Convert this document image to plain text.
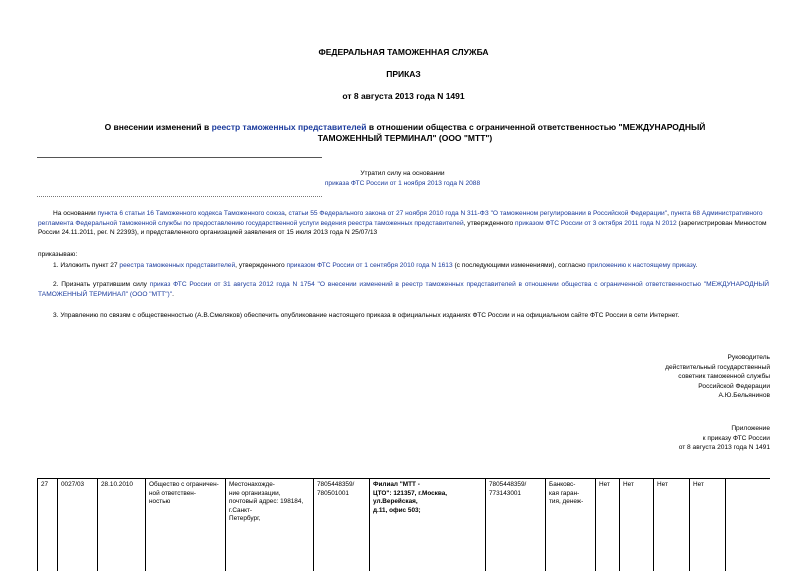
ФЕДЕРАЛЬНАЯ ТАМОЖЕННАЯ СЛУЖБА
ПРИКАЗ
от 8 августа 2013 года N 1491
О внесении изменений в реестр таможенных представителей в отношении общества с ограниченной ответственностью "МЕЖДУНАРОДНЫЙ ТАМОЖЕННЫЙ ТЕРМИНАЛ" (ООО "МТТ")

Утратил силу на основании

приказа ФТС России от 1 ноября 2013 года N 2088

На основании пункта 6 статьи 16 Таможенного кодекса Таможенного союза, статьи 55 Федерального закона от 27 ноября 2010 года N 311-ФЗ "О таможенном регулировании в Российской Федерации", пункта 68 Административного регламента Федеральной таможенной службы по предоставлению государственной услуги ведения реестра таможенных представителей, утвержденного приказом ФТС России от 3 октября 2011 года N 2012 (зарегистрирован Минюстом России 24.11.2011, рег. N 22393), и представленного организацией заявления от 15 июля 2013 года N 25/07/13
приказываю:
1. Изложить пункт 27 реестра таможенных представителей, утвержденного приказом ФТС России от 1 сентября 2010 года N 1613 (с последующими изменениями), согласно приложению к настоящему приказу.
2. Признать утратившим силу приказ ФТС России от 31 августа 2012 года N 1754 "О внесении изменений в реестр таможенных представителей в отношении общества с ограниченной ответственностью "МЕЖДУНАРОДНЫЙ ТАМОЖЕННЫЙ ТЕРМИНАЛ" (ООО "МТТ")".
3. Управлению по связям с общественностью (А.В.Смеляков) обеспечить опубликование настоящего приказа в официальных изданиях ФТС России и на официальном сайте ФТС России в сети Интернет.

Руководитель

действительный государственный

советник таможенной службы

Российской Федерации

А.Ю.Бельянинов

Приложение

к приказу ФТС России

от 8 августа 2013 года N 1491

27	0027/03	28.10.2010	Общество с ограничен-
ной ответствен-
ностью	Местонахожде-
ние организации,
почтовый адрес: 198184,
г.Санкт-
Петербург,	7805448359/
780501001	Филиал "МТТ -
ЦТО": 121357, г.Москва, ул.Верейская,
д.11, офис 503;	7805448359/
773143001	Банковс-
кая гаран-
тия, денеж-	Нет	Нет	Нет	Нет	
